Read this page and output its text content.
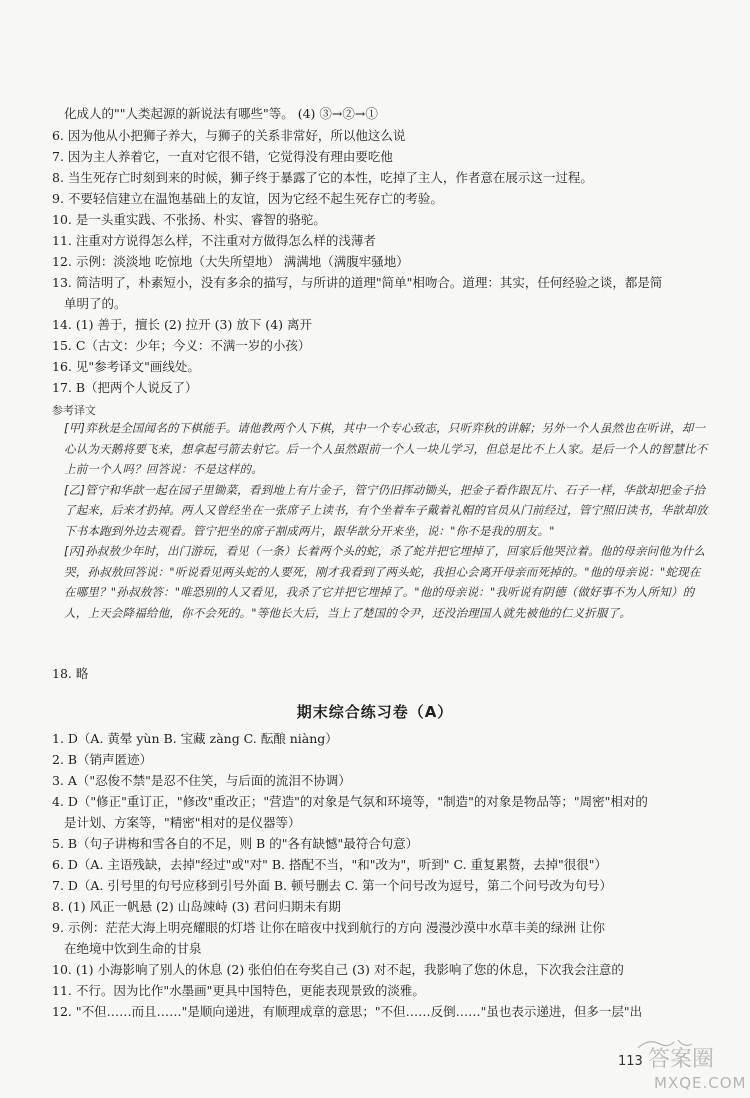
化成人的""人类起源的新说法有哪些"等。 (4) ③→②→①
6. 因为他从小把狮子养大，与狮子的关系非常好，所以他这么说
7. 因为主人养着它，一直对它很不错，它觉得没有理由要吃他
8. 当生死存亡时刻到来的时候，狮子终于暴露了它的本性，吃掉了主人，作者意在展示这一过程。
9. 不要轻信建立在温饱基础上的友谊，因为它经不起生死存亡的考验。
10. 是一头重实践、不张扬、朴实、睿智的骆驼。
11. 注重对方说得怎么样，不注重对方做得怎么样的浅薄者
12. 示例：淡淡地 吃惊地（大失所望地） 满满地（满腹牢骚地）
13. 简洁明了，朴素短小，没有多余的描写，与所讲的道理"简单"相吻合。道理：其实，任何经验之谈，都是简
单明了的。
14. (1) 善于，擅长 (2) 拉开 (3) 放下 (4) 离开
15. C（古文：少年；今义：不满一岁的小孩）
16. 见"参考译文"画线处。
17. B（把两个人说反了）
参考译文

[甲]弈秋是全国闻名的下棋能手。请他教两个人下棋，其中一个专心致志，只听弈秋的讲解；另外一个人虽然也在听讲，却一心认为天鹅将要飞来，想拿起弓箭去射它。后一个人虽然跟前一个人一块儿学习，但总是比不上人家。是后一个人的智慧比不上前一个人吗？回答说：不是这样的。

[乙]管宁和华歆一起在园子里锄菜，看到地上有片金子，管宁仍旧挥动锄头，把金子看作跟瓦片、石子一样，华歆却把金子拾了起来，后来才扔掉。两人又曾经坐在一张席子上读书，有个坐着车子戴着礼帽的官员从门前经过，管宁照旧读书，华歆却放下书本跑到外边去观看。管宁把坐的席子割成两片，跟华歆分开来坐，说："你不是我的朋友。"

[丙]孙叔敖少年时，出门游玩，看见（一条）长着两个头的蛇，杀了蛇并把它埋掉了，回家后他哭泣着。他的母亲问他为什么哭，孙叔敖回答说："听说看见两头蛇的人要死，刚才我看到了两头蛇，我担心会离开母亲而死掉的。"他的母亲说："蛇现在在哪里？"孙叔敖答："唯恐别的人又看见，我杀了它并把它埋掉了。"他的母亲说："我听说有阴德（做好事不为人所知）的人，上天会降福给他，你不会死的。"等他长大后，当上了楚国的令尹，还没治理国人就先被他的仁义折服了。

18. 略
期末综合练习卷（A）
1. D（A. 黄晕 yùn B. 宝藏 zàng C. 酝酿 niàng）
2. B（销声匿迹）
3. A（"忍俊不禁"是忍不住笑，与后面的流泪不协调）
4. D（"修正"重订正，"修改"重改正；"营造"的对象是气氛和环境等，"制造"的对象是物品等；"周密"相对的
是计划、方案等，"精密"相对的是仪器等）
5. B（句子讲梅和雪各自的不足，则 B 的"各有缺憾"最符合句意）
6. D（A. 主语残缺，去掉"经过"或"对" B. 搭配不当，"和"改为"，听到" C. 重复累赘，去掉"很很"）
7. D（A. 引号里的句号应移到引号外面 B. 顿号删去 C. 第一个问号改为逗号，第二个问号改为句号）
8. (1) 风正一帆悬 (2) 山岛竦峙 (3) 君问归期未有期
9. 示例：茫茫大海上明亮耀眼的灯塔 让你在暗夜中找到航行的方向 漫漫沙漠中水草丰美的绿洲 让你
在绝境中饮到生命的甘泉
10. (1) 小海影响了别人的休息 (2) 张伯伯在夸奖自己 (3) 对不起，我影响了您的休息，下次我会注意的
11. 不行。因为比作"水墨画"更具中国特色，更能表现景致的淡雅。
12. "不但……而且……"是顺向递进，有顺理成章的意思；"不但……反倒……"虽也表示递进，但多一层"出
113 答案圈
MXQE.COM
